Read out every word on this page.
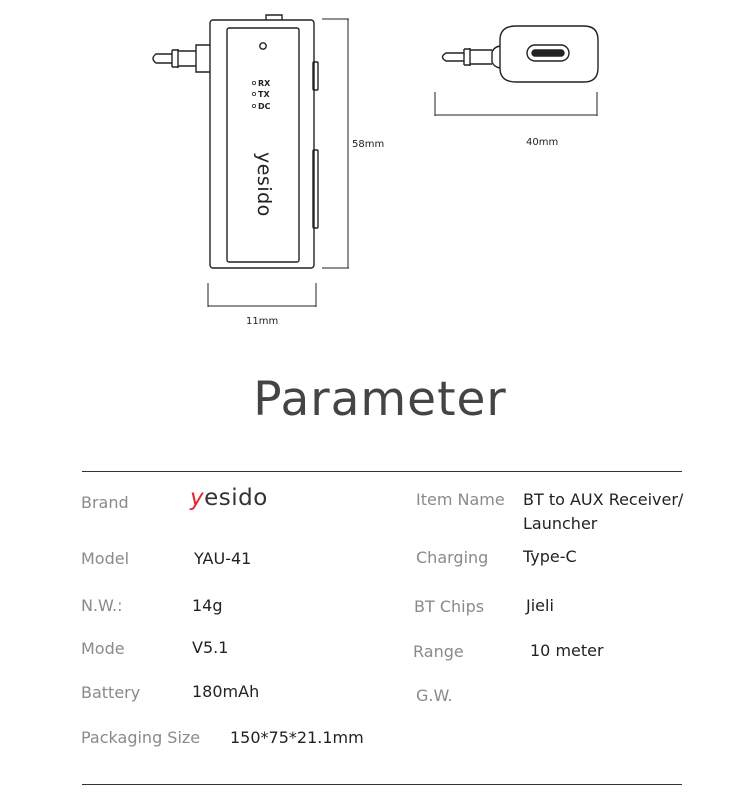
RX
TX
DC
yesido
58mm
11mm
40mm
Parameter
Brand	yesido	Item Name BT to AUX Receiver/
Launcher
Model	YAU-41	Charging Type-C
N.W.:	14g	BT Chips	Jieli
Mode	V5.1	Range	10 meter
Battery	180mAh	G.W.
Packaging Size 150*75*21.1mm
